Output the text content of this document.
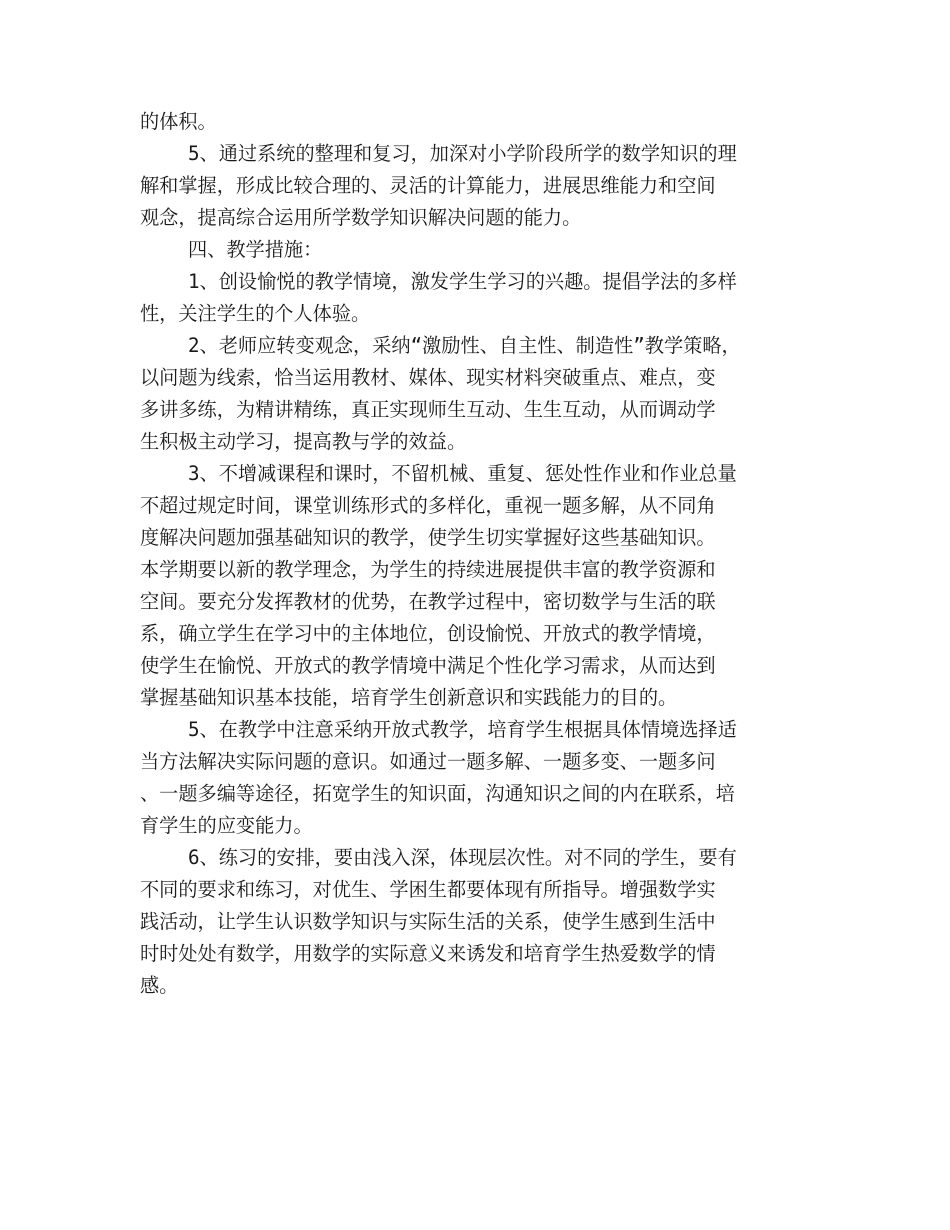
的体积。
5、通过系统的整理和复习，加深对小学阶段所学的数学知识的理
解和掌握，形成比较合理的、灵活的计算能力，进展思维能力和空间
观念，提高综合运用所学数学知识解决问题的能力。
四、教学措施：
1、创设愉悦的教学情境，激发学生学习的兴趣。提倡学法的多样
性，关注学生的个人体验。
2、老师应转变观念，采纳“激励性、自主性、制造性”教学策略，
以问题为线索，恰当运用教材、媒体、现实材料突破重点、难点，变
多讲多练，为精讲精练，真正实现师生互动、生生互动，从而调动学
生积极主动学习，提高教与学的效益。
3、不增减课程和课时，不留机械、重复、惩处性作业和作业总量
不超过规定时间，课堂训练形式的多样化，重视一题多解，从不同角
度解决问题加强基础知识的教学，使学生切实掌握好这些基础知识。
本学期要以新的教学理念，为学生的持续进展提供丰富的教学资源和
空间。要充分发挥教材的优势，在教学过程中，密切数学与生活的联
系，确立学生在学习中的主体地位，创设愉悦、开放式的教学情境，
使学生在愉悦、开放式的教学情境中满足个性化学习需求，从而达到
掌握基础知识基本技能，培育学生创新意识和实践能力的目的。
5、在教学中注意采纳开放式教学，培育学生根据具体情境选择适
当方法解决实际问题的意识。如通过一题多解、一题多变、一题多问
、一题多编等途径，拓宽学生的知识面，沟通知识之间的内在联系，培
育学生的应变能力。
6、练习的安排，要由浅入深，体现层次性。对不同的学生，要有
不同的要求和练习，对优生、学困生都要体现有所指导。增强数学实
践活动，让学生认识数学知识与实际生活的关系，使学生感到生活中
时时处处有数学，用数学的实际意义来诱发和培育学生热爱数学的情
感。
